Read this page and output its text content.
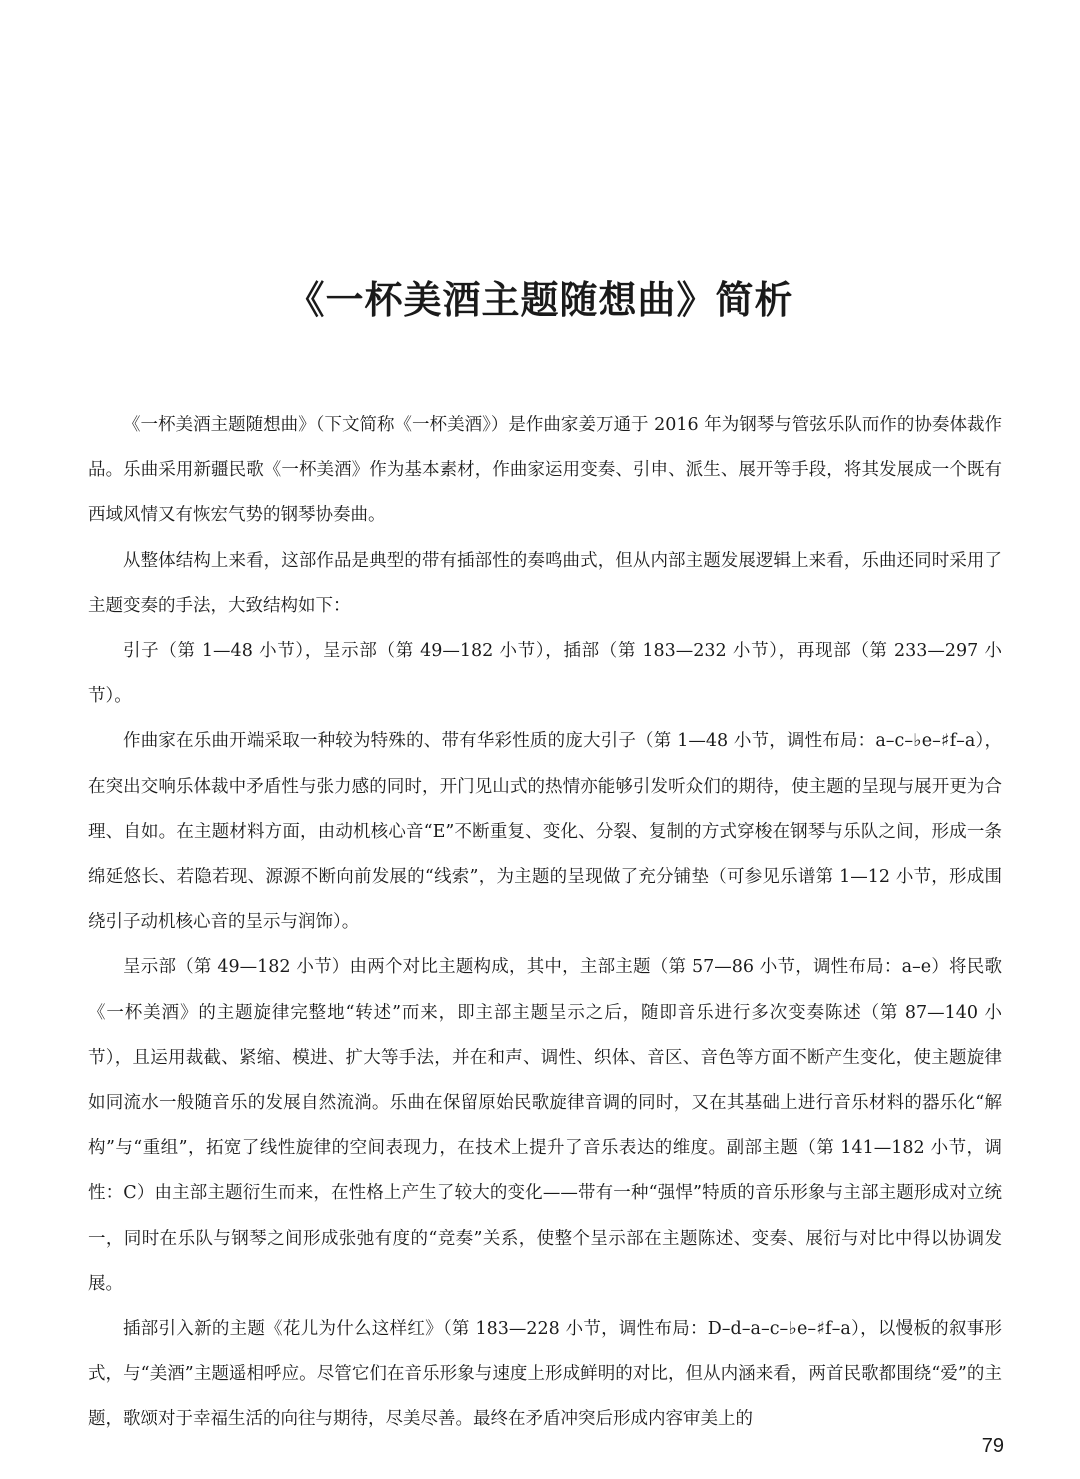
《一杯美酒主题随想曲》简析

《一杯美酒主题随想曲》（下文简称《一杯美酒》）是作曲家姜万通于 2016 年为钢琴与管弦乐队而作的协奏体裁作品。乐曲采用新疆民歌《一杯美酒》作为基本素材，作曲家运用变奏、引申、派生、展开等手段，将其发展成一个既有西域风情又有恢宏气势的钢琴协奏曲。

从整体结构上来看，这部作品是典型的带有插部性的奏鸣曲式，但从内部主题发展逻辑上来看，乐曲还同时采用了主题变奏的手法，大致结构如下：

引子（第 1—48 小节），呈示部（第 49—182 小节），插部（第 183—232 小节），再现部（第 233—297 小节）。

作曲家在乐曲开端采取一种较为特殊的、带有华彩性质的庞大引子（第 1—48 小节，调性布局：a–c–♭e–♯f–a），在突出交响乐体裁中矛盾性与张力感的同时，开门见山式的热情亦能够引发听众们的期待，使主题的呈现与展开更为合理、自如。在主题材料方面，由动机核心音“E”不断重复、变化、分裂、复制的方式穿梭在钢琴与乐队之间，形成一条绵延悠长、若隐若现、源源不断向前发展的“线索”，为主题的呈现做了充分铺垫（可参见乐谱第 1—12 小节，形成围绕引子动机核心音的呈示与润饰）。

呈示部（第 49—182 小节）由两个对比主题构成，其中，主部主题（第 57—86 小节，调性布局：a–e）将民歌《一杯美酒》的主题旋律完整地“转述”而来，即主部主题呈示之后，随即音乐进行多次变奏陈述（第 87—140 小节），且运用裁截、紧缩、模进、扩大等手法，并在和声、调性、织体、音区、音色等方面不断产生变化，使主题旋律如同流水一般随音乐的发展自然流淌。乐曲在保留原始民歌旋律音调的同时，又在其基础上进行音乐材料的器乐化“解构”与“重组”，拓宽了线性旋律的空间表现力，在技术上提升了音乐表达的维度。副部主题（第 141—182 小节，调性：C）由主部主题衍生而来，在性格上产生了较大的变化——带有一种“强悍”特质的音乐形象与主部主题形成对立统一，同时在乐队与钢琴之间形成张弛有度的“竞奏”关系，使整个呈示部在主题陈述、变奏、展衍与对比中得以协调发展。

插部引入新的主题《花儿为什么这样红》（第 183—228 小节，调性布局：D–d–a–c–♭e–♯f–a），以慢板的叙事形式，与“美酒”主题遥相呼应。尽管它们在音乐形象与速度上形成鲜明的对比，但从内涵来看，两首民歌都围绕“爱”的主题，歌颂对于幸福生活的向往与期待，尽美尽善。最终在矛盾冲突后形成内容审美上的

79
